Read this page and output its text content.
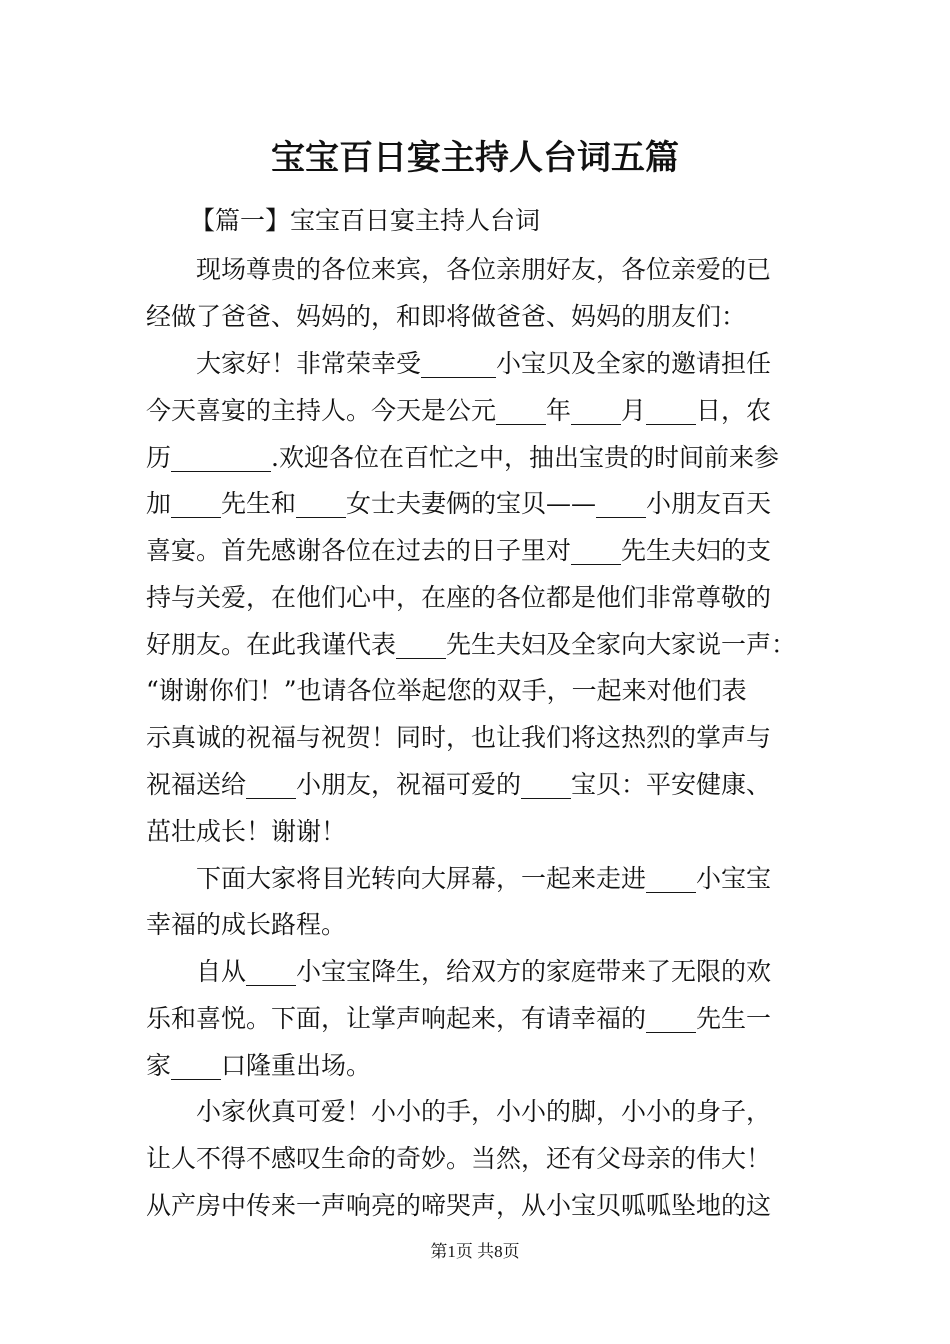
宝宝百日宴主持人台词五篇

【篇一】宝宝百日宴主持人台词

现场尊贵的各位来宾，各位亲朋好友，各位亲爱的已

经做了爸爸、妈妈的，和即将做爸爸、妈妈的朋友们：

大家好！非常荣幸受______小宝贝及全家的邀请担任

今天喜宴的主持人。今天是公元____年____月____日，农

历________.欢迎各位在百忙之中，抽出宝贵的时间前来参

加____先生和____女士夫妻俩的宝贝——____小朋友百天

喜宴。首先感谢各位在过去的日子里对____先生夫妇的支

持与关爱，在他们心中，在座的各位都是他们非常尊敬的

好朋友。在此我谨代表____先生夫妇及全家向大家说一声：

“谢谢你们！”也请各位举起您的双手，一起来对他们表

示真诚的祝福与祝贺！同时，也让我们将这热烈的掌声与

祝福送给____小朋友，祝福可爱的____宝贝：平安健康、

茁壮成长！谢谢！

下面大家将目光转向大屏幕，一起来走进____小宝宝

幸福的成长路程。

自从____小宝宝降生，给双方的家庭带来了无限的欢

乐和喜悦。下面，让掌声响起来，有请幸福的____先生一

家____口隆重出场。

小家伙真可爱！小小的手，小小的脚，小小的身子，

让人不得不感叹生命的奇妙。当然，还有父母亲的伟大！

从产房中传来一声响亮的啼哭声，从小宝贝呱呱坠地的这

第1页 共8页
